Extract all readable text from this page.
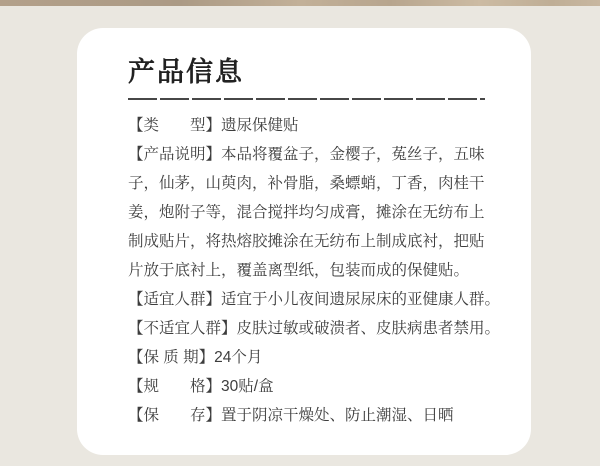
产品信息

【类　　型】遗尿保健贴

【产品说明】本品将覆盆子，金樱子，菟丝子，五味子，仙茅，山萸肉，补骨脂，桑螵蛸，丁香，肉桂干姜，炮附子等，混合搅拌均匀成膏，摊涂在无纺布上制成贴片，将热熔胶摊涂在无纺布上制成底衬，把贴片放于底衬上，覆盖离型纸，包装而成的保健贴。

【适宜人群】适宜于小儿夜间遗尿尿床的亚健康人群。

【不适宜人群】皮肤过敏或破溃者、皮肤病患者禁用。

【保 质 期】24个月

【规　　格】30贴/盒

【保　　存】置于阴凉干燥处、防止潮湿、日晒
